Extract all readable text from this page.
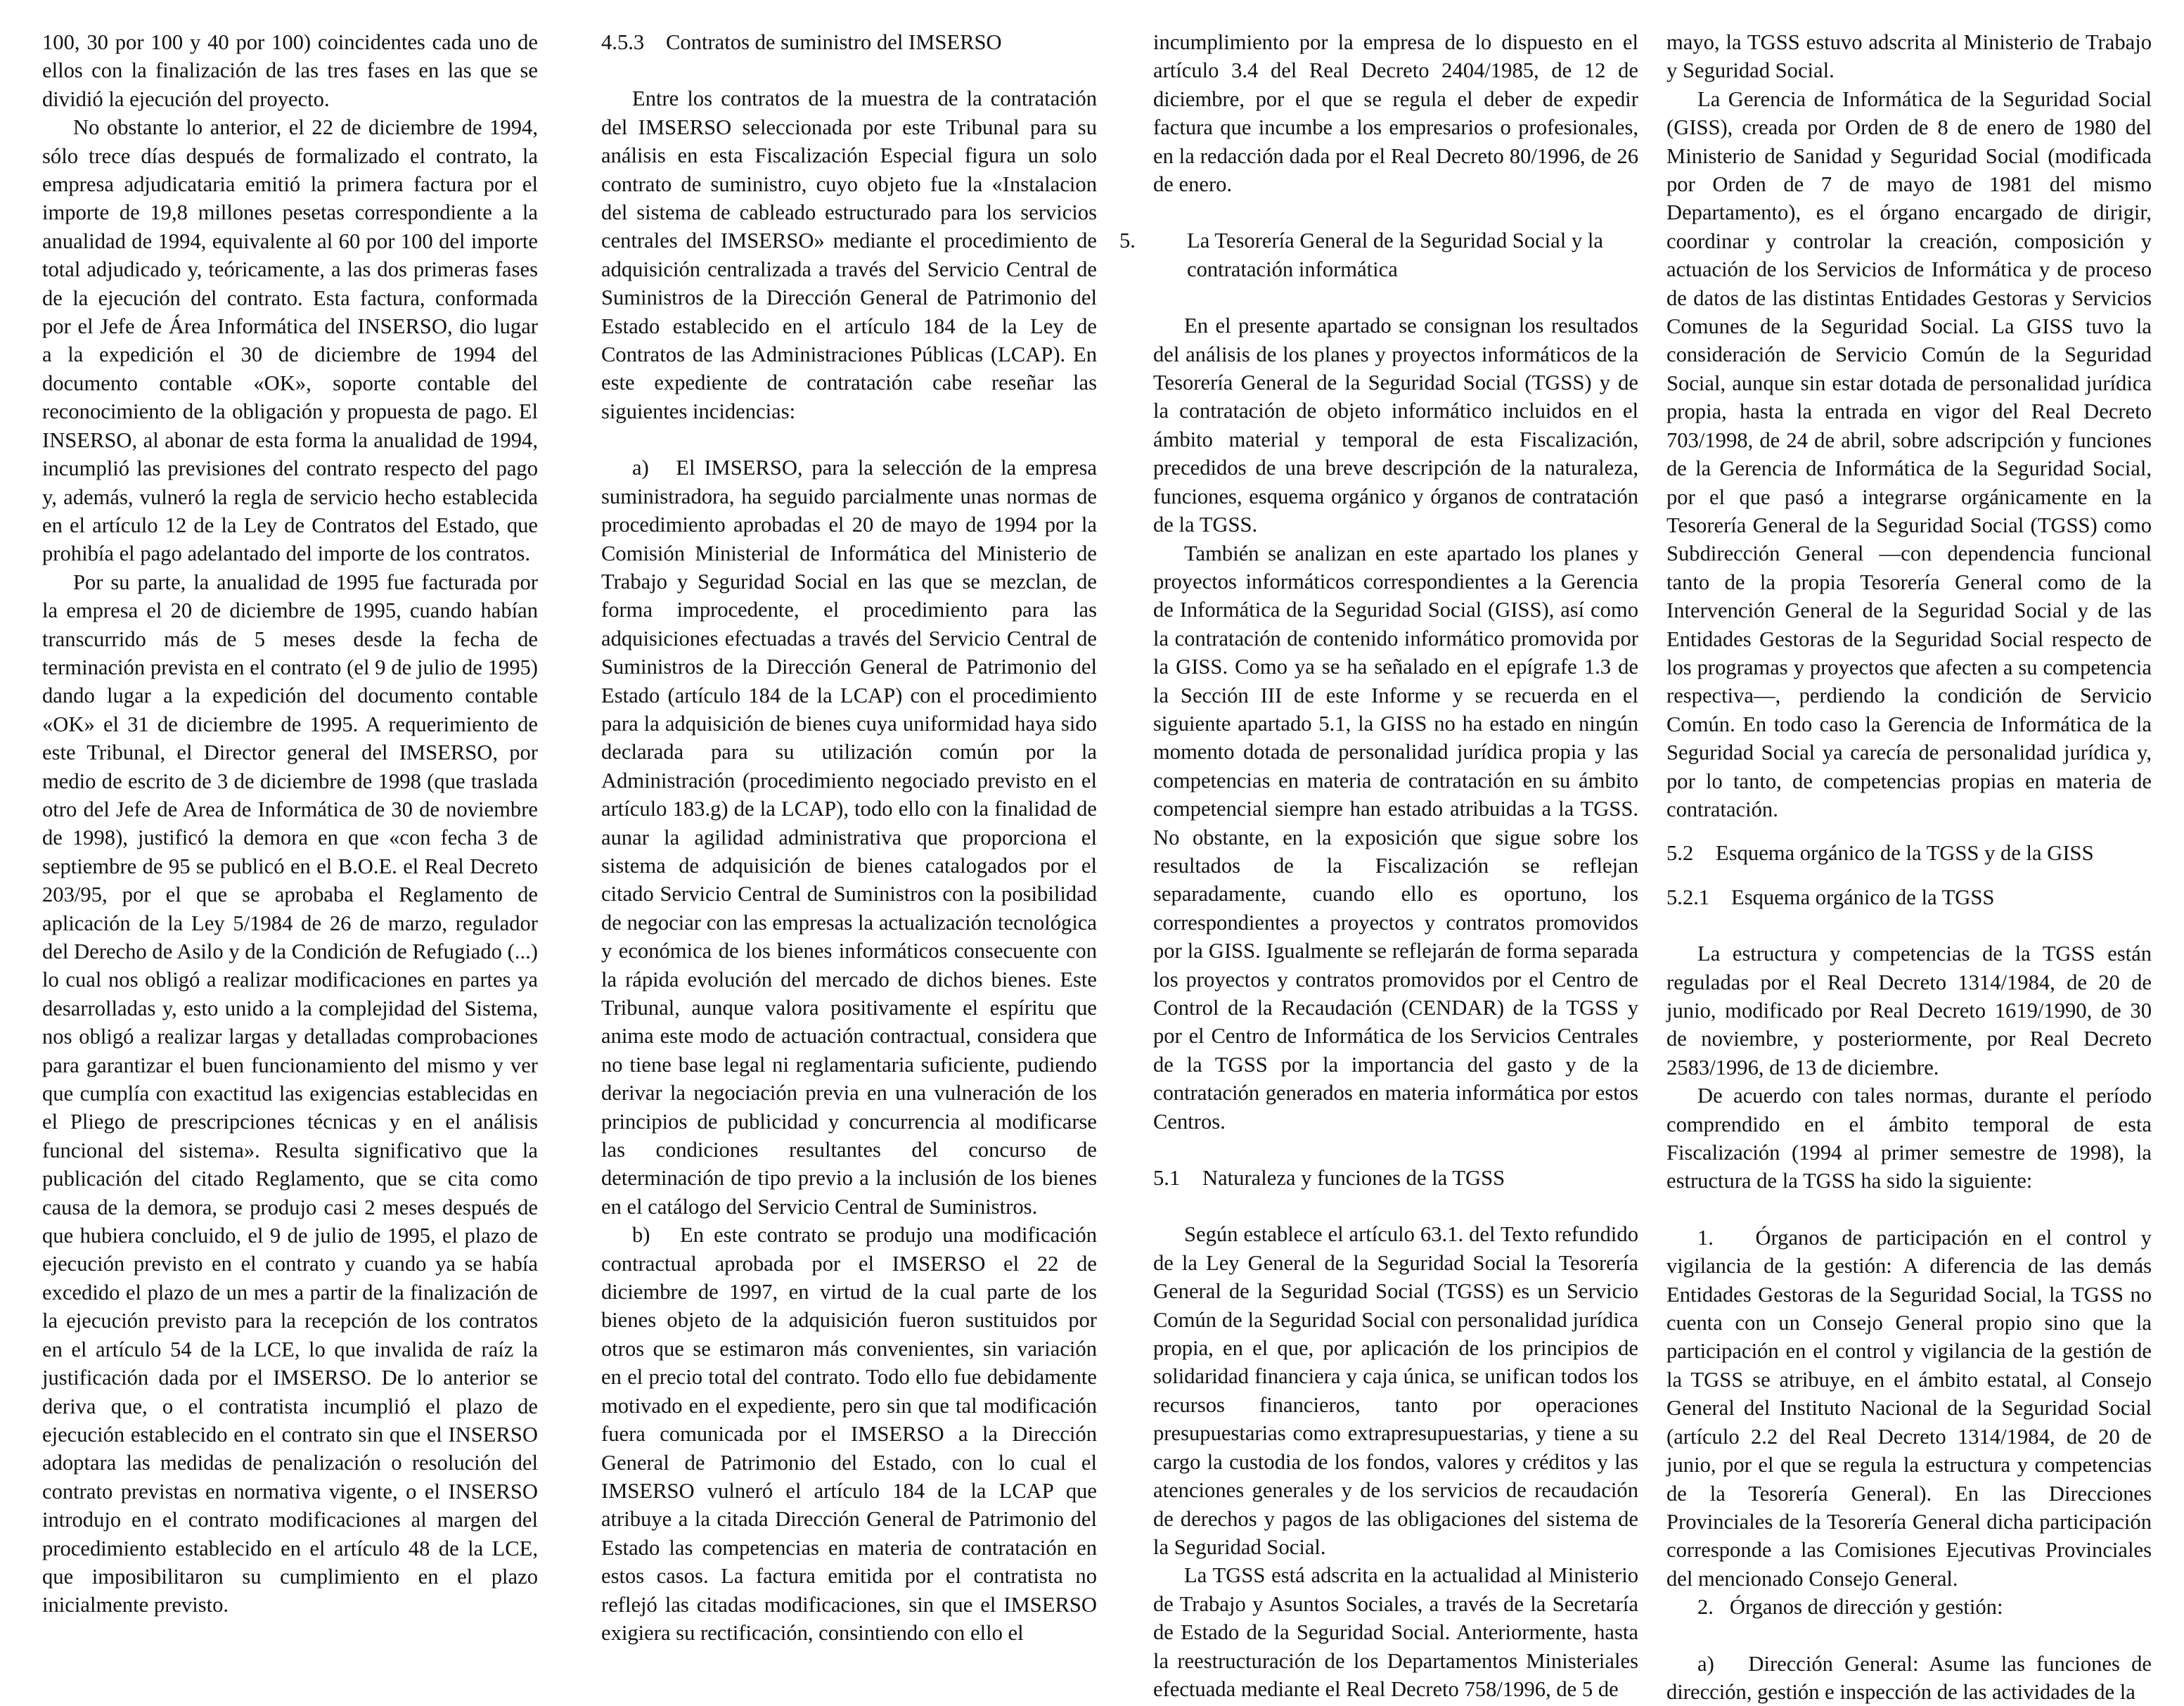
100, 30 por 100 y 40 por 100) coincidentes cada uno de ellos con la finalización de las tres fases en las que se dividió la ejecución del proyecto.

No obstante lo anterior, el 22 de diciembre de 1994, sólo trece días después de formalizado el contrato, la empresa adjudicataria emitió la primera factura por el importe de 19,8 millones pesetas correspondiente a la anualidad de 1994, equivalente al 60 por 100 del importe total adjudicado y, teóricamente, a las dos primeras fases de la ejecución del contrato. Esta factura, conformada por el Jefe de Área Informática del INSERSO, dio lugar a la expedición el 30 de diciembre de 1994 del documento contable «OK», soporte contable del reconocimiento de la obligación y propuesta de pago. El INSERSO, al abonar de esta forma la anualidad de 1994, incumplió las previsiones del contrato respecto del pago y, además, vulneró la regla de servicio hecho establecida en el artículo 12 de la Ley de Contratos del Estado, que prohibía el pago adelantado del importe de los contratos.

Por su parte, la anualidad de 1995 fue facturada por la empresa el 20 de diciembre de 1995, cuando habían transcurrido más de 5 meses desde la fecha de terminación prevista en el contrato (el 9 de julio de 1995) dando lugar a la expedición del documento contable «OK» el 31 de diciembre de 1995. A requerimiento de este Tribunal, el Director general del IMSERSO, por medio de escrito de 3 de diciembre de 1998 (que traslada otro del Jefe de Area de Informática de 30 de noviembre de 1998), justificó la demora en que «con fecha 3 de septiembre de 95 se publicó en el B.O.E. el Real Decreto 203/95, por el que se aprobaba el Reglamento de aplicación de la Ley 5/1984 de 26 de marzo, regulador del Derecho de Asilo y de la Condición de Refugiado (...) lo cual nos obligó a realizar modificaciones en partes ya desarrolladas y, esto unido a la complejidad del Sistema, nos obligó a realizar largas y detalladas comprobaciones para garantizar el buen funcionamiento del mismo y ver que cumplía con exactitud las exigencias establecidas en el Pliego de prescripciones técnicas y en el análisis funcional del sistema». Resulta significativo que la publicación del citado Reglamento, que se cita como causa de la demora, se produjo casi 2 meses después de que hubiera concluido, el 9 de julio de 1995, el plazo de ejecución previsto en el contrato y cuando ya se había excedido el plazo de un mes a partir de la finalización de la ejecución previsto para la recepción de los contratos en el artículo 54 de la LCE, lo que invalida de raíz la justificación dada por el IMSERSO. De lo anterior se deriva que, o el contratista incumplió el plazo de ejecución establecido en el contrato sin que el INSERSO adoptara las medidas de penalización o resolución del contrato previstas en normativa vigente, o el INSERSO introdujo en el contrato modificaciones al margen del procedimiento establecido en el artículo 48 de la LCE, que imposibilitaron su cumplimiento en el plazo inicialmente previsto.

4.5.3 Contratos de suministro del IMSERSO

Entre los contratos de la muestra de la contratación del IMSERSO seleccionada por este Tribunal para su análisis en esta Fiscalización Especial figura un solo contrato de suministro, cuyo objeto fue la «Instalacion del sistema de cableado estructurado para los servicios centrales del IMSERSO» mediante el procedimiento de adquisición centralizada a través del Servicio Central de Suministros de la Dirección General de Patrimonio del Estado establecido en el artículo 184 de la Ley de Contratos de las Administraciones Públicas (LCAP). En este expediente de contratación cabe reseñar las siguientes incidencias:

a) El IMSERSO, para la selección de la empresa suministradora, ha seguido parcialmente unas normas de procedimiento aprobadas el 20 de mayo de 1994 por la Comisión Ministerial de Informática del Ministerio de Trabajo y Seguridad Social en las que se mezclan, de forma improcedente, el procedimiento para las adquisiciones efectuadas a través del Servicio Central de Suministros de la Dirección General de Patrimonio del Estado (artículo 184 de la LCAP) con el procedimiento para la adquisición de bienes cuya uniformidad haya sido declarada para su utilización común por la Administración (procedimiento negociado previsto en el artículo 183.g) de la LCAP), todo ello con la finalidad de aunar la agilidad administrativa que proporciona el sistema de adquisición de bienes catalogados por el citado Servicio Central de Suministros con la posibilidad de negociar con las empresas la actualización tecnológica y económica de los bienes informáticos consecuente con la rápida evolución del mercado de dichos bienes. Este Tribunal, aunque valora positivamente el espíritu que anima este modo de actuación contractual, considera que no tiene base legal ni reglamentaria suficiente, pudiendo derivar la negociación previa en una vulneración de los principios de publicidad y concurrencia al modificarse las condiciones resultantes del concurso de determinación de tipo previo a la inclusión de los bienes en el catálogo del Servicio Central de Suministros.

b) En este contrato se produjo una modificación contractual aprobada por el IMSERSO el 22 de diciembre de 1997, en virtud de la cual parte de los bienes objeto de la adquisición fueron sustituidos por otros que se estimaron más convenientes, sin variación en el precio total del contrato. Todo ello fue debidamente motivado en el expediente, pero sin que tal modificación fuera comunicada por el IMSERSO a la Dirección General de Patrimonio del Estado, con lo cual el IMSERSO vulneró el artículo 184 de la LCAP que atribuye a la citada Dirección General de Patrimonio del Estado las competencias en materia de contratación en estos casos. La factura emitida por el contratista no reflejó las citadas modificaciones, sin que el IMSERSO exigiera su rectificación, consintiendo con ello el

incumplimiento por la empresa de lo dispuesto en el artículo 3.4 del Real Decreto 2404/1985, de 12 de diciembre, por el que se regula el deber de expedir factura que incumbe a los empresarios o profesionales, en la redacción dada por el Real Decreto 80/1996, de 26 de enero.

5. La Tesorería General de la Seguridad Social y la contratación informática

En el presente apartado se consignan los resultados del análisis de los planes y proyectos informáticos de la Tesorería General de la Seguridad Social (TGSS) y de la contratación de objeto informático incluidos en el ámbito material y temporal de esta Fiscalización, precedidos de una breve descripción de la naturaleza, funciones, esquema orgánico y órganos de contratación de la TGSS.

También se analizan en este apartado los planes y proyectos informáticos correspondientes a la Gerencia de Informática de la Seguridad Social (GISS), así como la contratación de contenido informático promovida por la GISS. Como ya se ha señalado en el epígrafe 1.3 de la Sección III de este Informe y se recuerda en el siguiente apartado 5.1, la GISS no ha estado en ningún momento dotada de personalidad jurídica propia y las competencias en materia de contratación en su ámbito competencial siempre han estado atribuidas a la TGSS. No obstante, en la exposición que sigue sobre los resultados de la Fiscalización se reflejan separadamente, cuando ello es oportuno, los correspondientes a proyectos y contratos promovidos por la GISS. Igualmente se reflejarán de forma separada los proyectos y contratos promovidos por el Centro de Control de la Recaudación (CENDAR) de la TGSS y por el Centro de Informática de los Servicios Centrales de la TGSS por la importancia del gasto y de la contratación generados en materia informática por estos Centros.

5.1 Naturaleza y funciones de la TGSS

Según establece el artículo 63.1. del Texto refundido de la Ley General de la Seguridad Social la Tesorería General de la Seguridad Social (TGSS) es un Servicio Común de la Seguridad Social con personalidad jurídica propia, en el que, por aplicación de los principios de solidaridad financiera y caja única, se unifican todos los recursos financieros, tanto por operaciones presupuestarias como extrapresupuestarias, y tiene a su cargo la custodia de los fondos, valores y créditos y las atenciones generales y de los servicios de recaudación de derechos y pagos de las obligaciones del sistema de la Seguridad Social.

La TGSS está adscrita en la actualidad al Ministerio de Trabajo y Asuntos Sociales, a través de la Secretaría de Estado de la Seguridad Social. Anteriormente, hasta la reestructuración de los Departamentos Ministeriales efectuada mediante el Real Decreto 758/1996, de 5 de

mayo, la TGSS estuvo adscrita al Ministerio de Trabajo y Seguridad Social.

La Gerencia de Informática de la Seguridad Social (GISS), creada por Orden de 8 de enero de 1980 del Ministerio de Sanidad y Seguridad Social (modificada por Orden de 7 de mayo de 1981 del mismo Departamento), es el órgano encargado de dirigir, coordinar y controlar la creación, composición y actuación de los Servicios de Informática y de proceso de datos de las distintas Entidades Gestoras y Servicios Comunes de la Seguridad Social. La GISS tuvo la consideración de Servicio Común de la Seguridad Social, aunque sin estar dotada de personalidad jurídica propia, hasta la entrada en vigor del Real Decreto 703/1998, de 24 de abril, sobre adscripción y funciones de la Gerencia de Informática de la Seguridad Social, por el que pasó a integrarse orgánicamente en la Tesorería General de la Seguridad Social (TGSS) como Subdirección General —con dependencia funcional tanto de la propia Tesorería General como de la Intervención General de la Seguridad Social y de las Entidades Gestoras de la Seguridad Social respecto de los programas y proyectos que afecten a su competencia respectiva—, perdiendo la condición de Servicio Común. En todo caso la Gerencia de Informática de la Seguridad Social ya carecía de personalidad jurídica y, por lo tanto, de competencias propias en materia de contratación.

5.2 Esquema orgánico de la TGSS y de la GISS
5.2.1 Esquema orgánico de la TGSS

La estructura y competencias de la TGSS están reguladas por el Real Decreto 1314/1984, de 20 de junio, modificado por Real Decreto 1619/1990, de 30 de noviembre, y posteriormente, por Real Decreto 2583/1996, de 13 de diciembre.

De acuerdo con tales normas, durante el período comprendido en el ámbito temporal de esta Fiscalización (1994 al primer semestre de 1998), la estructura de la TGSS ha sido la siguiente:

1. Órganos de participación en el control y vigilancia de la gestión: A diferencia de las demás Entidades Gestoras de la Seguridad Social, la TGSS no cuenta con un Consejo General propio sino que la participación en el control y vigilancia de la gestión de la TGSS se atribuye, en el ámbito estatal, al Consejo General del Instituto Nacional de la Seguridad Social (artículo 2.2 del Real Decreto 1314/1984, de 20 de junio, por el que se regula la estructura y competencias de la Tesorería General). En las Direcciones Provinciales de la Tesorería General dicha participación corresponde a las Comisiones Ejecutivas Provinciales del mencionado Consejo General.

2. Órganos de dirección y gestión:

a) Dirección General: Asume las funciones de dirección, gestión e inspección de las actividades de la
